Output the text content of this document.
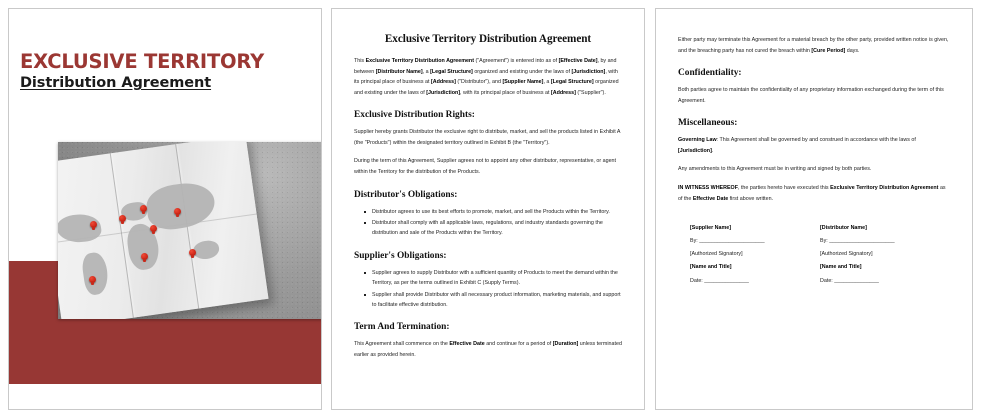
EXCLUSIVE TERRITORY
Distribution Agreement
Exclusive Territory Distribution Agreement

This Exclusive Territory Distribution Agreement ("Agreement") is entered into as of [Effective Date], by and between [Distributor Name], a [Legal Structure] organized and existing under the laws of [Jurisdiction], with its principal place of business at [Address] ("Distributor"), and [Supplier Name], a [Legal Structure] organized and existing under the laws of [Jurisdiction], with its principal place of business at [Address] ("Supplier").

Exclusive Distribution Rights:

Supplier hereby grants Distributor the exclusive right to distribute, market, and sell the products listed in Exhibit A (the "Products") within the designated territory outlined in Exhibit B (the "Territory").

During the term of this Agreement, Supplier agrees not to appoint any other distributor, representative, or agent within the Territory for the distribution of the Products.

Distributor's Obligations:
Distributor agrees to use its best efforts to promote, market, and sell the Products within the Territory.
Distributor shall comply with all applicable laws, regulations, and industry standards governing the distribution and sale of the Products within the Territory.
Supplier's Obligations:
Supplier agrees to supply Distributor with a sufficient quantity of Products to meet the demand within the Territory, as per the terms outlined in Exhibit C (Supply Terms).
Supplier shall provide Distributor with all necessary product information, marketing materials, and support to facilitate effective distribution.
Term And Termination:

This Agreement shall commence on the Effective Date and continue for a period of [Duration] unless terminated earlier as provided herein.

Either party may terminate this Agreement for a material breach by the other party, provided written notice is given, and the breaching party has not cured the breach within [Cure Period] days.

Confidentiality:

Both parties agree to maintain the confidentiality of any proprietary information exchanged during the term of this Agreement.

Miscellaneous:

Governing Law: This Agreement shall be governed by and construed in accordance with the laws of [Jurisdiction].

Any amendments to this Agreement must be in writing and signed by both parties.

IN WITNESS WHEREOF, the parties hereto have executed this Exclusive Territory Distribution Agreement as of the Effective Date first above written.

[Supplier Name]
By: ______________________
[Authorized Signatory]
[Name and Title]
Date: _______________
[Distributor Name]
By: ______________________
[Authorized Signatory]
[Name and Title]
Date: _______________
